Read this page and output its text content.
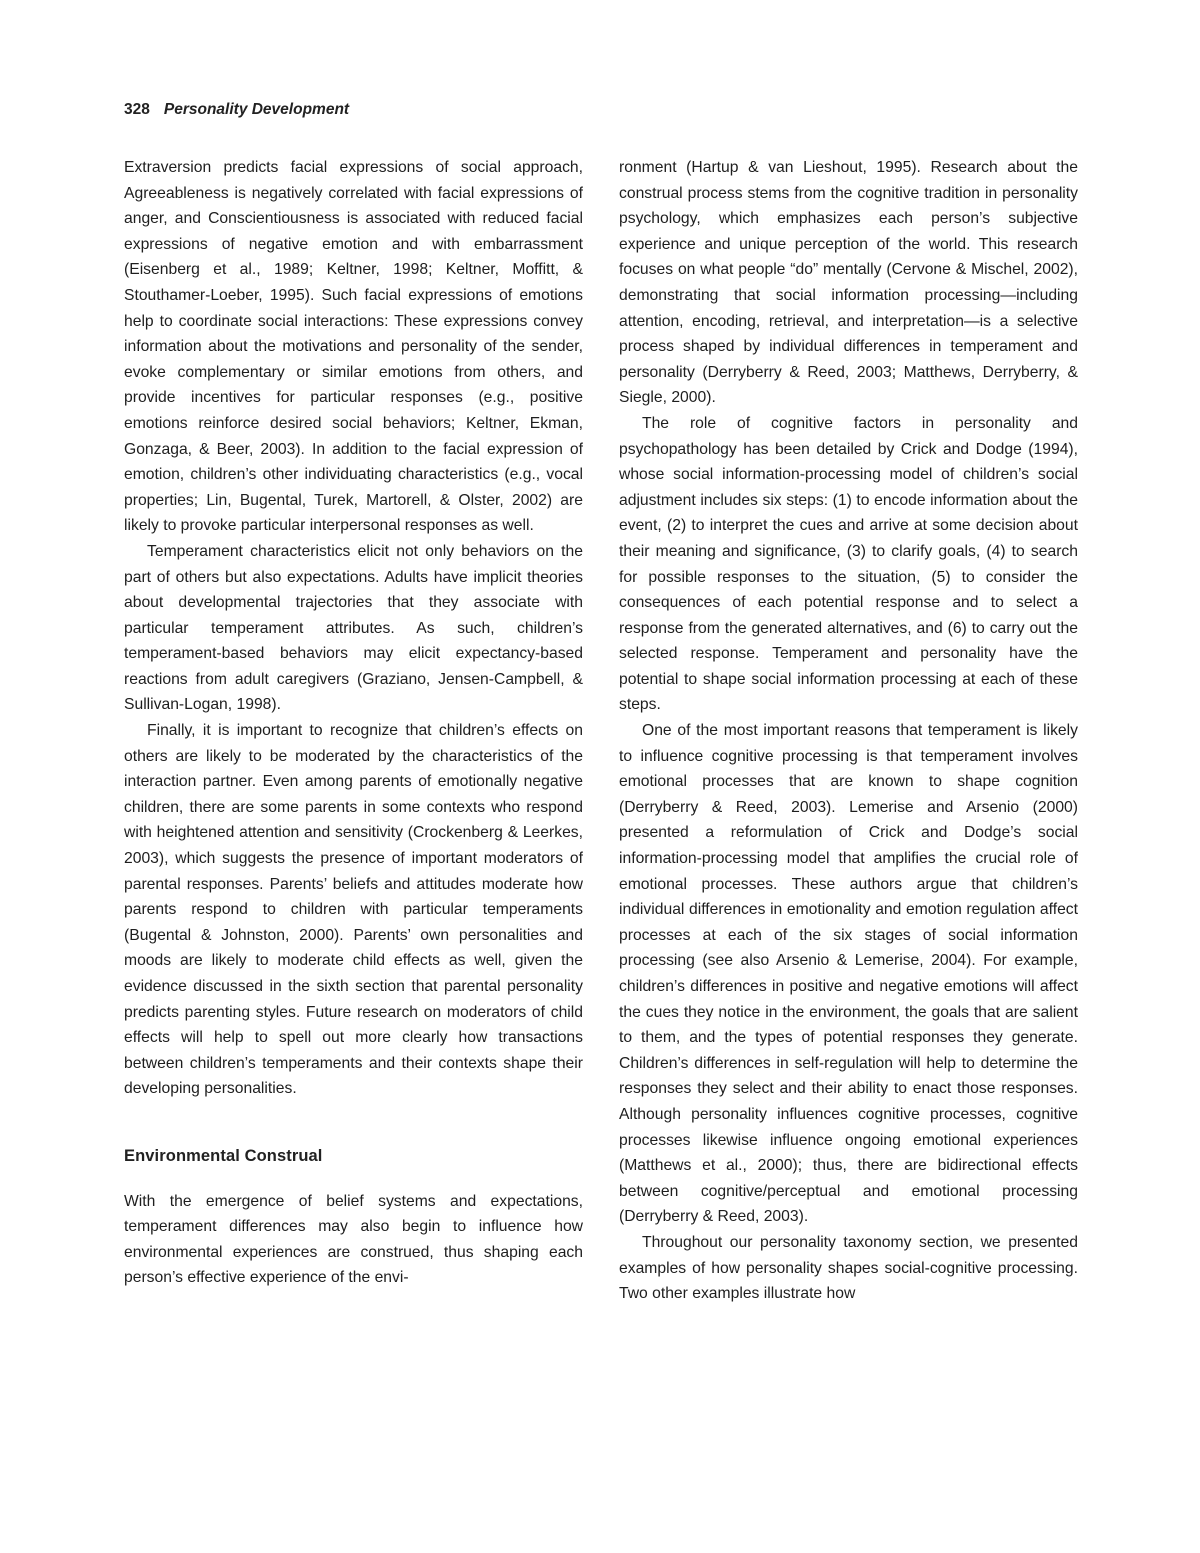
328 Personality Development

Extraversion predicts facial expressions of social approach, Agreeableness is negatively correlated with facial expressions of anger, and Conscientiousness is associated with reduced facial expressions of negative emotion and with embarrassment (Eisenberg et al., 1989; Keltner, 1998; Keltner, Moffitt, & Stouthamer-Loeber, 1995). Such facial expressions of emotions help to coordinate social interactions: These expressions convey information about the motivations and personality of the sender, evoke complementary or similar emotions from others, and provide incentives for particular responses (e.g., positive emotions reinforce desired social behaviors; Keltner, Ekman, Gonzaga, & Beer, 2003). In addition to the facial expression of emotion, children’s other individuating characteristics (e.g., vocal properties; Lin, Bugental, Turek, Martorell, & Olster, 2002) are likely to provoke particular interpersonal responses as well.

Temperament characteristics elicit not only behaviors on the part of others but also expectations. Adults have implicit theories about developmental trajectories that they associate with particular temperament attributes. As such, children’s temperament-based behaviors may elicit expectancy-based reactions from adult caregivers (Graziano, Jensen-Campbell, & Sullivan-Logan, 1998).

Finally, it is important to recognize that children’s effects on others are likely to be moderated by the characteristics of the interaction partner. Even among parents of emotionally negative children, there are some parents in some contexts who respond with heightened attention and sensitivity (Crockenberg & Leerkes, 2003), which suggests the presence of important moderators of parental responses. Parents’ beliefs and attitudes moderate how parents respond to children with particular temperaments (Bugental & Johnston, 2000). Parents’ own personalities and moods are likely to moderate child effects as well, given the evidence discussed in the sixth section that parental personality predicts parenting styles. Future research on moderators of child effects will help to spell out more clearly how transactions between children’s temperaments and their contexts shape their developing personalities.

Environmental Construal

With the emergence of belief systems and expectations, temperament differences may also begin to influence how environmental experiences are construed, thus shaping each person’s effective experience of the envi-

ronment (Hartup & van Lieshout, 1995). Research about the construal process stems from the cognitive tradition in personality psychology, which emphasizes each person’s subjective experience and unique perception of the world. This research focuses on what people “do” mentally (Cervone & Mischel, 2002), demonstrating that social information processing—including attention, encoding, retrieval, and interpretation—is a selective process shaped by individual differences in temperament and personality (Derryberry & Reed, 2003; Matthews, Derryberry, & Siegle, 2000).

The role of cognitive factors in personality and psychopathology has been detailed by Crick and Dodge (1994), whose social information-processing model of children’s social adjustment includes six steps: (1) to encode information about the event, (2) to interpret the cues and arrive at some decision about their meaning and significance, (3) to clarify goals, (4) to search for possible responses to the situation, (5) to consider the consequences of each potential response and to select a response from the generated alternatives, and (6) to carry out the selected response. Temperament and personality have the potential to shape social information processing at each of these steps.

One of the most important reasons that temperament is likely to influence cognitive processing is that temperament involves emotional processes that are known to shape cognition (Derryberry & Reed, 2003). Lemerise and Arsenio (2000) presented a reformulation of Crick and Dodge’s social information-processing model that amplifies the crucial role of emotional processes. These authors argue that children’s individual differences in emotionality and emotion regulation affect processes at each of the six stages of social information processing (see also Arsenio & Lemerise, 2004). For example, children’s differences in positive and negative emotions will affect the cues they notice in the environment, the goals that are salient to them, and the types of potential responses they generate. Children’s differences in self-regulation will help to determine the responses they select and their ability to enact those responses. Although personality influences cognitive processes, cognitive processes likewise influence ongoing emotional experiences (Matthews et al., 2000); thus, there are bidirectional effects between cognitive/perceptual and emotional processing (Derryberry & Reed, 2003).

Throughout our personality taxonomy section, we presented examples of how personality shapes social-cognitive processing. Two other examples illustrate how
